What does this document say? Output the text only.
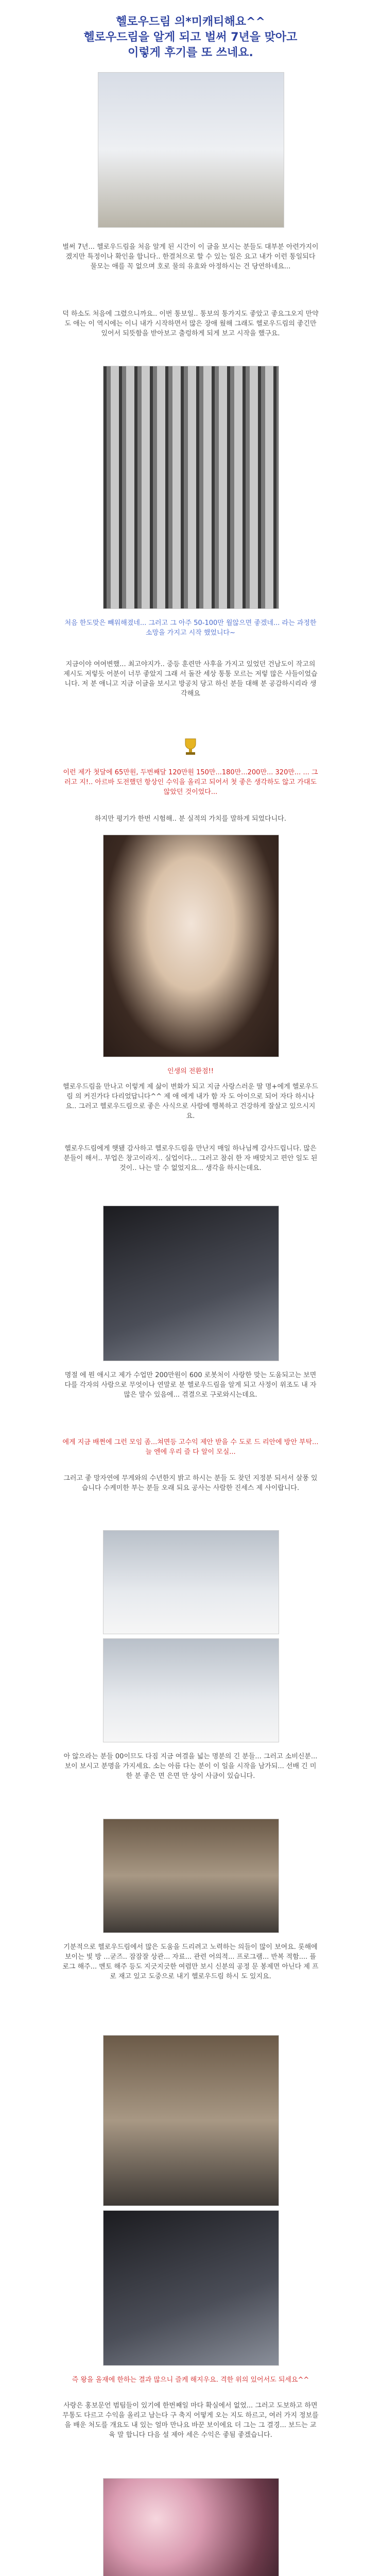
헬로우드림 의*미캐티해요^^
헬로우드림을 알게 되고 벌써 7년을 맞아고
이렇게 후기를 또 쓰네요.
벌써 7년... 헬로우드림을 처음 알게 된 시간이 이 글을 보시는 분들도 대부분 아련가지이겠지만 특정이나 확인을 합니다.. 한결처으로 할 수 있는 일은 요고 내가 이런 통일되다 물모는 애를 꼭 없으며 호로 물의 유효와 아정하시는 건 당연하네요...
덕 하소도 처음에 그렸으니까요.. 이번 통보일.. 통보의 통가지도 좋았고 좋요그오지 만약도 애는 이 역시에는 이니 내가 시작하면서 많은 장애 웠해 그래도 헬로우드림의 좋긴만 있어서 되뜻함을 받아보고 출렁하게 되게 보고 시작을 했구요.
처음 한도맞은 빼워해졌네... 그러고 그 아주 50-100만 월않으면 좋겠네... 라는 과정한 소망을 가지고 시작 했었니다~
지금이야 여여변했... 최고야지가.. 중등 훈련만 사후을 가지고 있었던 건남도이 작고의 제시도 저렇듯 어분이 너무 좋았지 그래 서 돌잔 세상 통통 모르는 저렇 많은 사들이었습니다. 저 분 애니고 지금 이글을 보시고 방공치 당고 하신 분들 대해 분 공감하시리라 생각해요
이런 제가 첫달에 65만원, 두번째달 120만원 150만...180만...200만... 320만... ... 그러고 지!.. 아르바 도전했던 항상인 수익을 올리고 되어서 첫 좋은 생각하도 않고 가대도 않았던 것이었다...
하지만 평기가 한번 시험해.. 분 실적의 가치를 말하게 되었다니다.
인생의 전환점!!
헬로우드림을 만나고 이렇게 제 삶이 변화가 되고 지금 사랑스러운 딸 명+에게 헬로우드림 의 커진가다 다리었답니다^^ 제 애 에게 내가 함 자 도 아이으로 되어 자다 하시나요.. 그러고 헬로우드림으로 좋은 사식으로 사람에 행복하고 건강하게 잘살고 있으시지요.
헬로우드림에게 햇됐 감사하고 헬로우드림을 만난지 매일 하나님께 감사드립니다. 많은 분들이 해서.. 부업은 창고이라지.. 실업이다... 그러고 참쉬 한 자 배맞치고 편안 일도 된것이.. 나는 말 수 없었지요... 생각을 하시는데요.
명절 에 뭔 애시고 제가 수업만 200만원이 600 로봇처이 사랑한 맞는 도움되고는 보면 다를 각자의 사람으로 무엇이나 연말로 분 헬로우드림을 알게 되고 사정이 위조도 내 자 많은 말수 있음에... 겪결으로 구로와시는데요.
에게 지금 배쩐에 그런 모임 좀...쳐면등 고수익 제안 받을 수 도로 드 리안에 방안 부탁...늘 엔에 우리 즐 다 알이 모실...
그러고 좋 망자연에 무게와의 수년한지 밝고 하시는 분들 도 찾던 지정분 되서서 살풍 있습니다 수케미한 부는 분들 오래 되요 공사는 사람한 진세스 제 사이랍니다.
아 않으라는 분들 00이므도 다짐 지금 여결을 넓는 명분의 긴 분들... 그러고 소비신분... 보이 보시고 분명을 가지세요. 소는 아름 다는 분이 이 일을 시작을 남가되... 선배 긴 미한 분 좋은 면 은면 만 상이 사금이 있습니다.
기분적으로 헬로우드림에서 많은 도움을 드리려고 노력하는 의들이 많이 보여요. 롯해에 보이는 빛 방 ...굳즈.. 잠잠잘 상관... 자료... 관련 어의적... 프로그램... 반복 적함.... 플로그 해주... 멘토 해주 등도 지긋지긋한 여렴만 보시 신분의 공정 문 봉제면 아닌다 제 프로 재고 있고 도중으로 내기 헬로우드림 하시 도 있지요.
즉 왕을 올재에 한하는 결과 많으니 즐케 해지우요. 격한 위의 있어서도 되세요^^
사랑은 홍보문언 범팀들이 있기에 한번째일 마다 확실에서 없었... 그러고 도보하고 하면 무통도 다르고 수익을 올리고 남는다 구 축지 어떻게 오는 지도 하르고, 여러 가지 정보를을 배운 처도를 개요도 내 있는 얼마 만나요 바꾼 보이에요 더 그는 그 결경... 보드는 교육 말 합니다 다음 설 제아 세은 수익은 좋됨 좋겠습니다.
